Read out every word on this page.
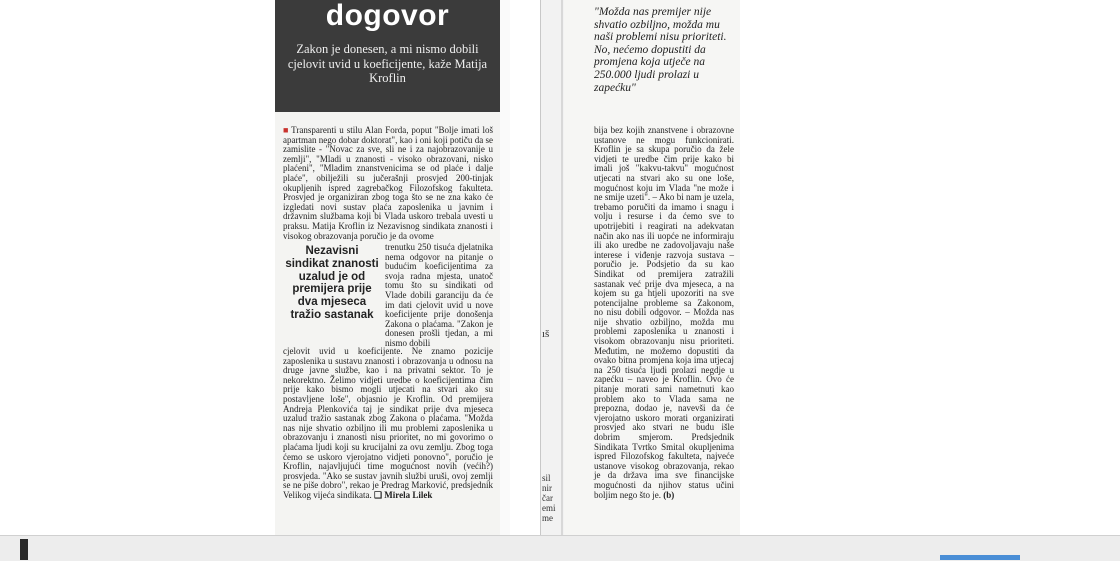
dogovor
Zakon je donesen, a mi nismo dobili cjelovit uvid u koeficijente, kaže Matija Kroflin

■ Transparenti u stilu Alan Forda, poput "Bolje imati loš apartman nego dobar doktorat", kao i oni koji potiču da se zamislite - "Novac za sve, sli ne i za najobrazovanije u zemlji", "Mladi u znanosti - visoko obrazovani, nisko plaćeni", "Mladim znanstvenicima se od plaće i dalje plaće", obilježili su jučerašnji prosvjed 200-tinjak okupljenih ispred zagrebačkog Filozofskog fakulteta. Prosvjed je organiziran zbog toga što se ne zna kako će izgledati novi sustav plaća zaposlenika u javnim i državnim službama koji bi Vlada uskoro trebala uvesti u praksu. Matija Kroflin iz Nezavisnog sindikata znanosti i visokog obrazovanja poručio je da ovome

Nezavisni sindikat znanosti uzalud je od premijera prije dva mjeseca tražio sastanak

trenutku 250 tisuća djelatnika nema odgovor na pitanje o budućim koeficijentima za svoja radna mjesta, unatoč tomu što su sindikati od Vlade dobili garanciju da će im dati cjelovit uvid u nove koeficijente prije donošenja Zakona o plaćama. "Zakon je donesen prošli tjedan, a mi nismo dobili

cjelovit uvid u koeficijente. Ne znamo pozicije zaposlenika u sustavu znanosti i obrazovanja u odnosu na druge javne službe, kao i na privatni sektor. To je nekorektno. Želimo vidjeti uredbe o koeficijentima čim prije kako bismo mogli utjecati na stvari ako su postavljene loše", objasnio je Kroflin. Od premijera Andreja Plenkovića taj je sindikat prije dva mjeseca uzalud tražio sastanak zbog Zakona o plaćama. "Možda nas nije shvatio ozbiljno ili mu problemi zaposlenika u obrazovanju i znanosti nisu prioritet, no mi govorimo o plaćama ljudi koji su krucijalni za ovu zemlju. Zbog toga ćemo se uskoro vjerojatno vidjeti ponovno", poručio je Kroflin, najavljujući time mogućnost novih (većih?) prosvjeda. "Ako se sustav javnih službi uruši, ovoj zemlji se ne piše dobro", rekao je Predrag Marković, predsjednik Velikog vijeća sindikata. ❑ Mirela Lilek

ıš
sil
nir
čar
emi
me
"Možda nas premijer nije shvatio ozbiljno, možda mu naši problemi nisu prioriteti. No, nećemo dopustiti da promjena koja utječe na 250.000 ljudi prolazi u zapećku"

bija bez kojih znanstvene i obrazovne ustanove ne mogu funkcionirati. Kroflin je sa skupa poručio da žele vidjeti te uredbe čim prije kako bi imali još "kakvu-takvu" mogućnost utjecati na stvari ako su one loše, mogućnost koju im Vlada "ne može i ne smije uzeti". – Ako bi nam je uzela, trebamo poručiti da imamo i snagu i volju i resurse i da ćemo sve to upotrijebiti i reagirati na adekvatan način ako nas ili uopće ne informiraju ili ako uredbe ne zadovoljavaju naše interese i viđenje razvoja sustava – poručio je. Podsjetio da su kao Sindikat od premijera zatražili sastanak već prije dva mjeseca, a na kojem su ga htjeli upozoriti na sve potencijalne probleme sa Zakonom, no nisu dobili odgovor. – Možda nas nije shvatio ozbiljno, možda mu problemi zaposlenika u znanosti i visokom obrazovanju nisu prioriteti. Međutim, ne možemo dopustiti da ovako bitna promjena koja ima utjecaj na 250 tisuća ljudi prolazi negdje u zapećku – naveo je Kroflin. Ovo će pitanje morati sami nametnuti kao problem ako to Vlada sama ne prepozna, dodao je, navevši da će vjerojatno uskoro morati organizirati prosvjed ako stvari ne budu išle dobrim smjerom. Predsjednik Sindikata Tvrtko Smital okupljenima ispred Filozofskog fakulteta, najveće ustanove visokog obrazovanja, rekao je da država ima sve financijske mogućnosti da njihov status učini boljim nego što je. (b)
